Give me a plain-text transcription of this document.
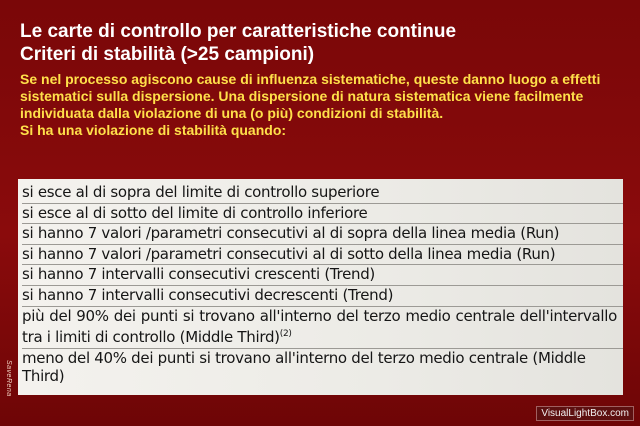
Le carte di controllo per caratteristiche continue
Criteri di stabilità (>25 campioni)

Se nel processo agiscono cause di influenza sistematiche, queste danno luogo a effetti sistematici sulla dispersione. Una dispersione di natura sistematica viene facilmente individuata dalla violazione di una (o più) condizioni di stabilità.

Si ha una violazione di stabilità quando:

si esce al di sopra del limite di controllo superiore
si esce al di sotto del limite di controllo inferiore
si hanno 7 valori /parametri consecutivi al di sopra della linea media (Run)
si hanno 7 valori /parametri consecutivi al di sotto della linea media (Run)
si hanno 7 intervalli consecutivi crescenti (Trend)
si hanno 7 intervalli consecutivi decrescenti (Trend)
più del 90% dei punti si trovano all'interno del terzo medio centrale dell'intervallo tra i limiti di controllo (Middle Third)$^{(2)}$
meno del 40% dei punti si trovano all'interno del terzo medio centrale (Middle Third)
SaveRena
VisualLightBox.com
